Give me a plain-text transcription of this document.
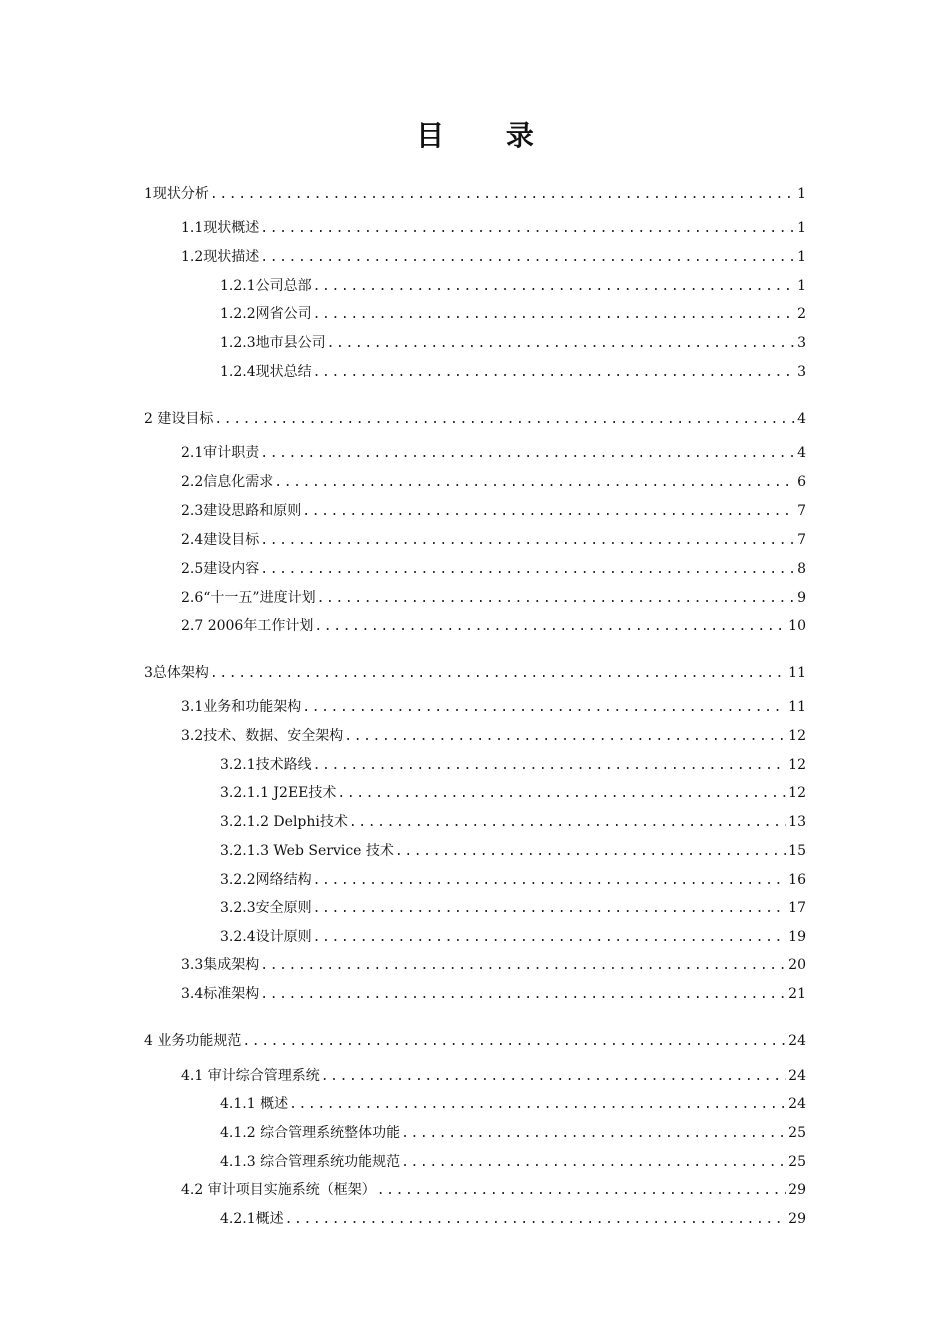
目 录
1现状分析 .....	1
1.1现状概述 .....	1
1.2现状描述 .....	1
1.2.1公司总部 .....	1
1.2.2网省公司 .....	2
1.2.3地市县公司 .....	3
1.2.4现状总结 .....	3
2 建设目标 .....	4
2.1审计职责 .....	4
2.2信息化需求 .....	6
2.3建设思路和原则 .....	7
2.4建设目标 .....	7
2.5建设内容 .....	8
2.6“十一五”进度计划 .....	9
2.7 2006年工作计划 .....	10
3总体架构 .....	11
3.1业务和功能架构 .....	11
3.2技术、数据、安全架构 .....	12
3.2.1技术路线 .....	12
3.2.1.1 J2EE技术 .....	12
3.2.1.2 Delphi技术 .....	13
3.2.1.3 Web Service 技术 .....	15
3.2.2网络结构 .....	16
3.2.3安全原则 .....	17
3.2.4设计原则 .....	19
3.3集成架构 .....	20
3.4标准架构 .....	21
4 业务功能规范 .....	24
4.1 审计综合管理系统 .....	24
4.1.1 概述 .....	24
4.1.2 综合管理系统整体功能 .....	25
4.1.3 综合管理系统功能规范 .....	25
4.2 审计项目实施系统（框架） .....	29
4.2.1概述 .....	29
